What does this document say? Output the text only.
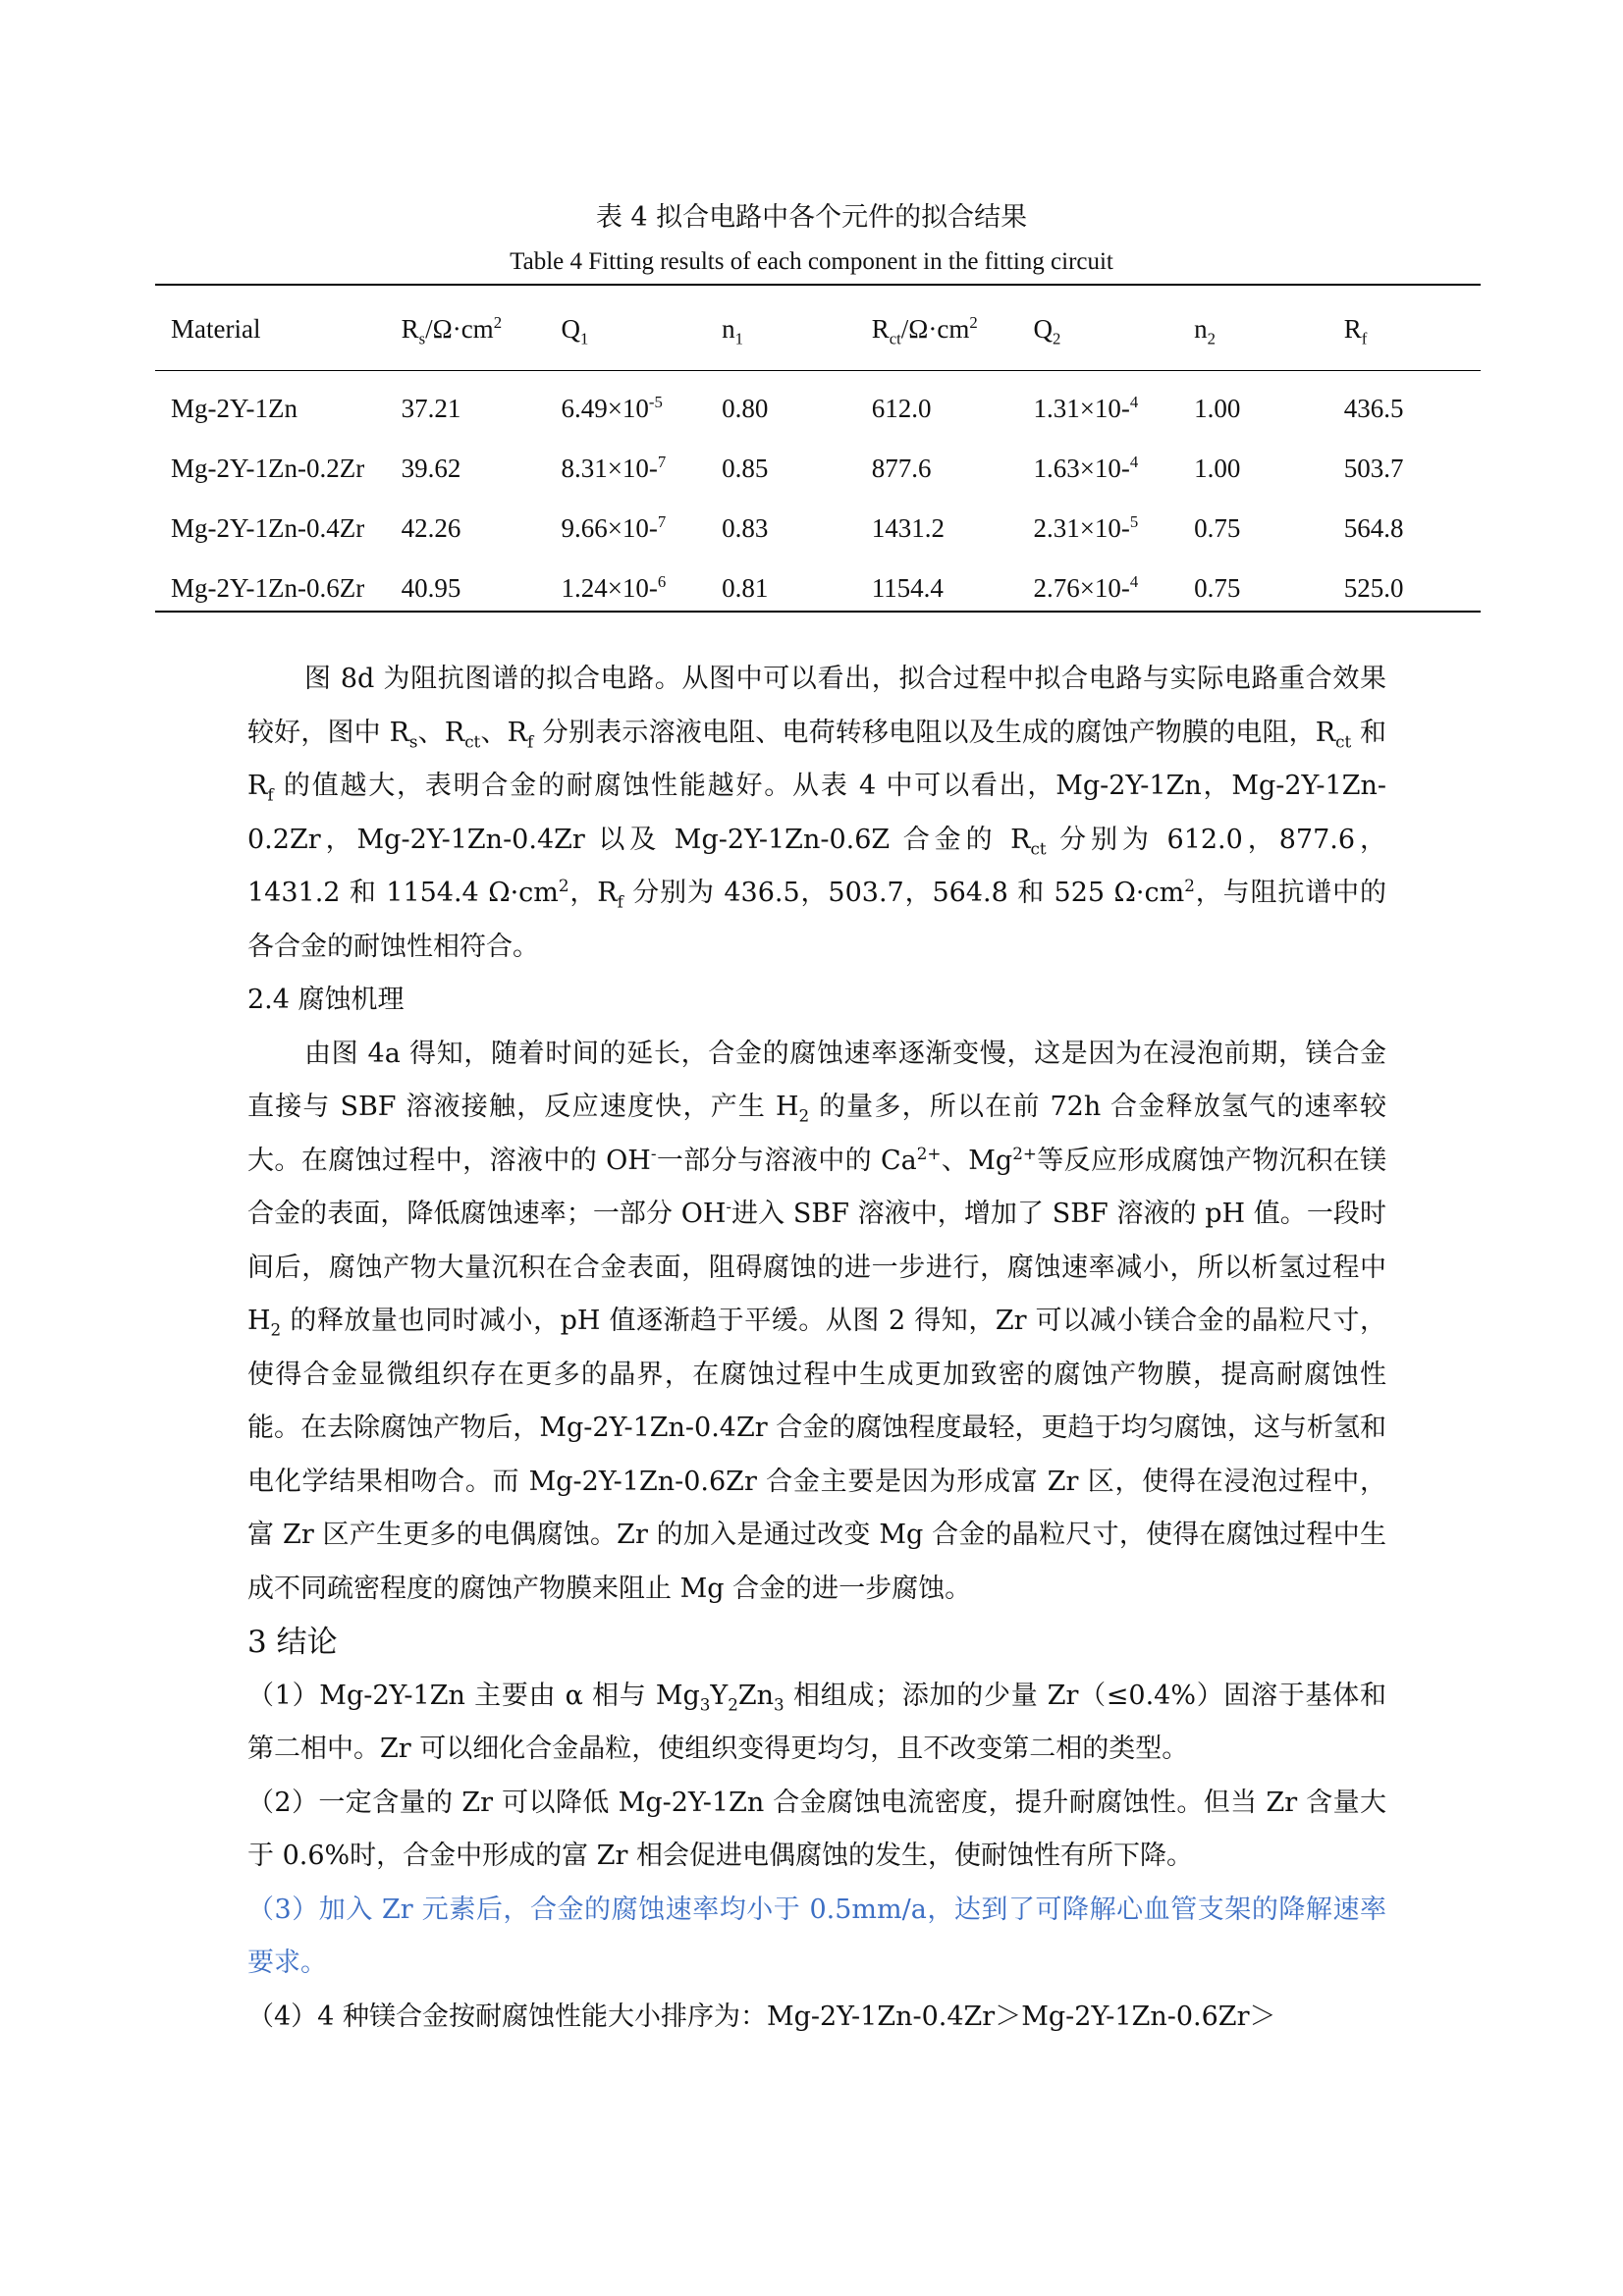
表 4 拟合电路中各个元件的拟合结果
Table 4 Fitting results of each component in the fitting circuit
Material	$R_s/\Omega\cdot cm^2$	$Q_1$	$n_1$	$R_{ct}/\Omega\cdot cm^2$	$Q_2$	$n_2$	$R_f$
Mg-2Y-1Zn	37.21	$6.49\times 10^{-5}$	0.80	612.0	1.31×10-$^4$	1.00	436.5
Mg-2Y-1Zn-0.2Zr	39.62	8.31×10-$^7$	0.85	877.6	1.63×10-$^4$	1.00	503.7
Mg-2Y-1Zn-0.4Zr	42.26	9.66×10-$^7$	0.83	1431.2	2.31×10-$^5$	0.75	564.8
Mg-2Y-1Zn-0.6Zr	40.95	1.24×10-$^6$	0.81	1154.4	2.76×10-$^4$	0.75	525.0

图 8d 为阻抗图谱的拟合电路。从图中可以看出，拟合过程中拟合电路与实际电路重合效果较好，图中 $R_s$、$R_{ct}$、$R_f$ 分别表示溶液电阻、电荷转移电阻以及生成的腐蚀产物膜的电阻，$R_{ct}$ 和 $R_f$ 的值越大，表明合金的耐腐蚀性能越好。从表 4 中可以看出，Mg-2Y-1Zn，Mg-2Y-1Zn-0.2Zr，Mg-2Y-1Zn-0.4Zr 以及 Mg-2Y-1Zn-0.6Z 合金的 $R_{ct}$ 分别为 612.0，877.6，1431.2 和 1154.4 $\Omega\cdot cm^2$，$R_f$ 分别为 436.5，503.7，564.8 和 525 $\Omega\cdot cm^2$，与阻抗谱中的各合金的耐蚀性相符合。

2.4 腐蚀机理

由图 4a 得知，随着时间的延长，合金的腐蚀速率逐渐变慢，这是因为在浸泡前期，镁合金直接与 SBF 溶液接触，反应速度快，产生 $H_2$ 的量多，所以在前 72h 合金释放氢气的速率较大。在腐蚀过程中，溶液中的 OH-一部分与溶液中的 $Ca^{2+}$、$Mg^{2+}$等反应形成腐蚀产物沉积在镁合金的表面，降低腐蚀速率；一部分 OH-进入 SBF 溶液中，增加了 SBF 溶液的 pH 值。一段时间后，腐蚀产物大量沉积在合金表面，阻碍腐蚀的进一步进行，腐蚀速率减小，所以析氢过程中 $H_2$ 的释放量也同时减小，pH 值逐渐趋于平缓。从图 2 得知，Zr 可以减小镁合金的晶粒尺寸，使得合金显微组织存在更多的晶界，在腐蚀过程中生成更加致密的腐蚀产物膜，提高耐腐蚀性能。在去除腐蚀产物后，Mg-2Y-1Zn-0.4Zr 合金的腐蚀程度最轻，更趋于均匀腐蚀，这与析氢和电化学结果相吻合。而 Mg-2Y-1Zn-0.6Zr 合金主要是因为形成富 Zr 区，使得在浸泡过程中，富 Zr 区产生更多的电偶腐蚀。Zr 的加入是通过改变 Mg 合金的晶粒尺寸，使得在腐蚀过程中生成不同疏密程度的腐蚀产物膜来阻止 Mg 合金的进一步腐蚀。

3 结论

（1）Mg-2Y-1Zn 主要由 α 相与 $Mg_3Y_2Zn_3$ 相组成；添加的少量 Zr（≤0.4%）固溶于基体和第二相中。Zr 可以细化合金晶粒，使组织变得更均匀，且不改变第二相的类型。

（2）一定含量的 Zr 可以降低 Mg-2Y-1Zn 合金腐蚀电流密度，提升耐腐蚀性。但当 Zr 含量大于 0.6%时，合金中形成的富 Zr 相会促进电偶腐蚀的发生，使耐蚀性有所下降。

（3）加入 Zr 元素后，合金的腐蚀速率均小于 0.5mm/a，达到了可降解心血管支架的降解速率要求。

（4）4 种镁合金按耐腐蚀性能大小排序为：Mg-2Y-1Zn-0.4Zr＞Mg-2Y-1Zn-0.6Zr＞
